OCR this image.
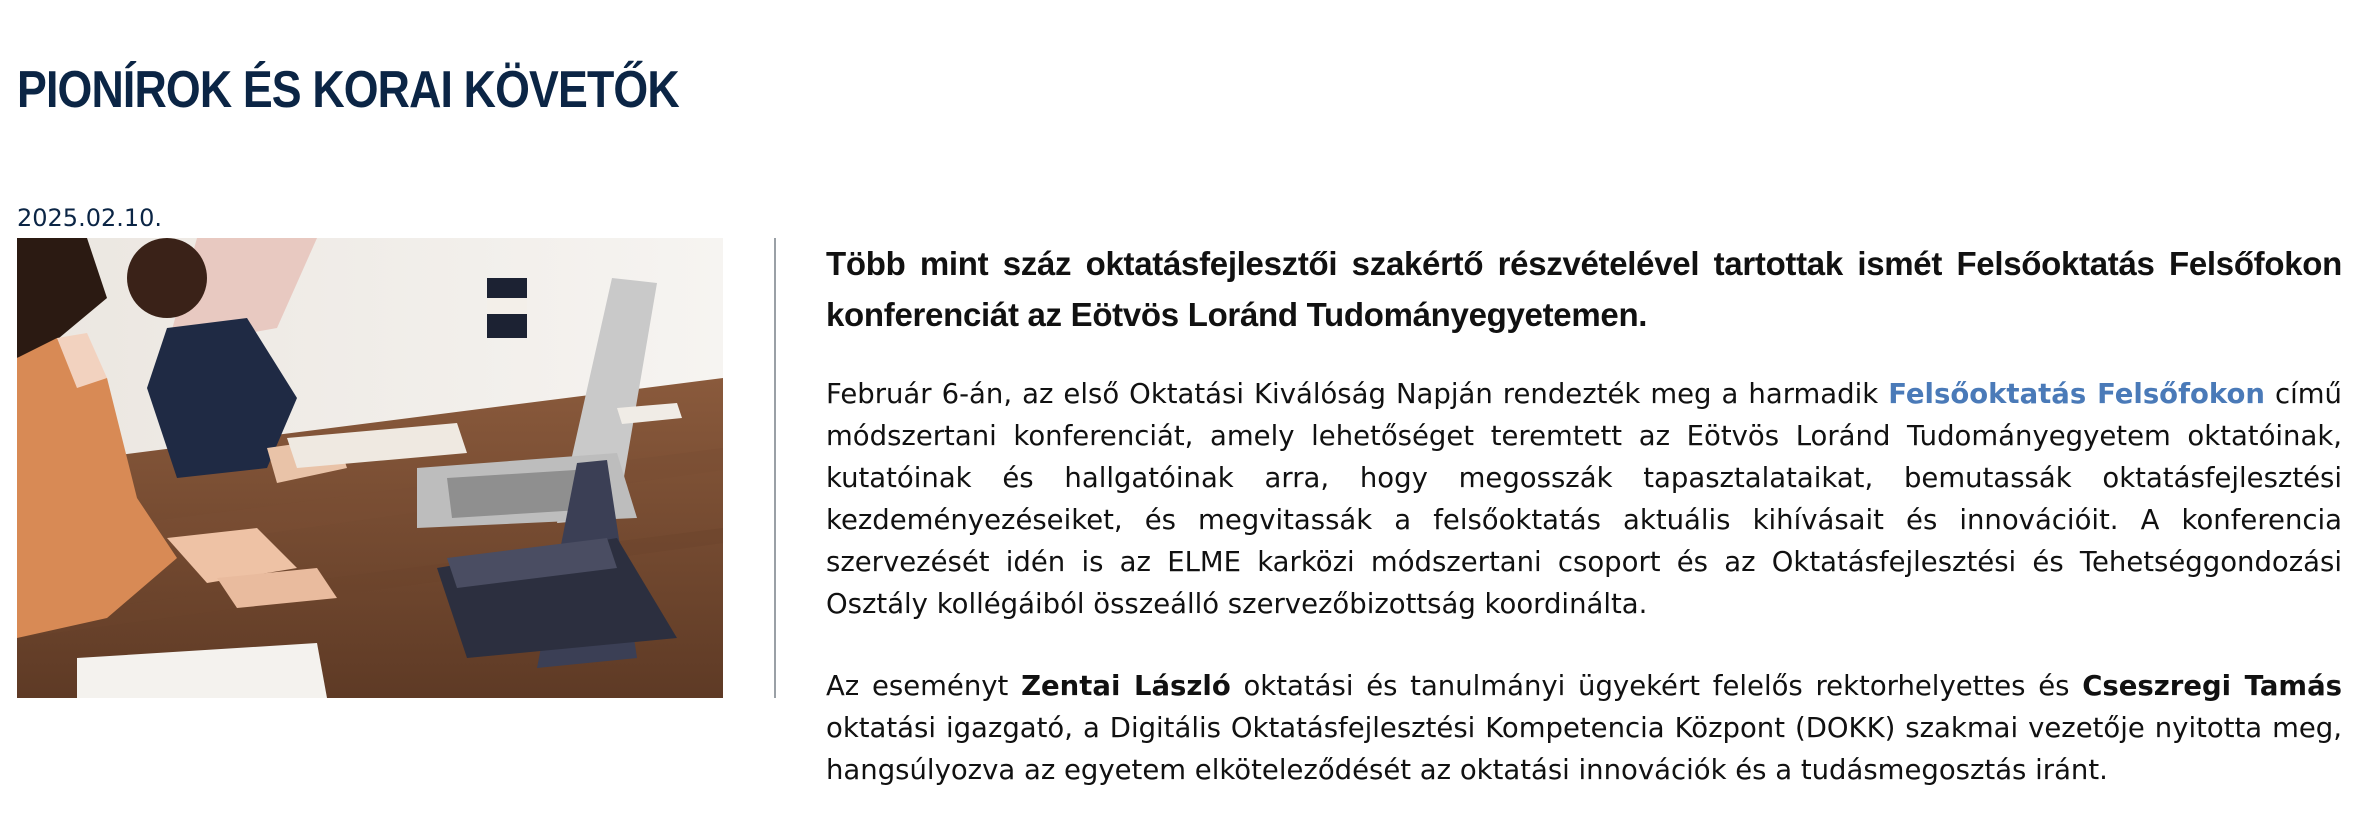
PIONÍROK ÉS KORAI KÖVETŐK
2025.02.10.

Több mint száz oktatásfejlesztői szakértő részvételével tartottak ismét Felsőoktatás Felsőfokon konferenciát az Eötvös Loránd Tudományegyetemen.

Február 6-án, az első Oktatási Kiválóság Napján rendezték meg a harmadik Felsőoktatás Felsőfokon című módszertani konferenciát, amely lehetőséget teremtett az Eötvös Loránd Tudományegyetem oktatóinak, kutatóinak és hallgatóinak arra, hogy megosszák tapasztalataikat, bemutassák oktatásfejlesztési kezdeményezéseiket, és megvitassák a felsőoktatás aktuális kihívásait és innovációit. A konferencia szervezését idén is az ELME karközi módszertani csoport és az Oktatásfejlesztési és Tehetséggondozási Osztály kollégáiból összeálló szervezőbizottság koordinálta.

Az eseményt Zentai László oktatási és tanulmányi ügyekért felelős rektorhelyettes és Cseszregi Tamás oktatási igazgató, a Digitális Oktatásfejlesztési Kompetencia Központ (DOKK) szakmai vezetője nyitotta meg, hangsúlyozva az egyetem elköteleződését az oktatási innovációk és a tudásmegosztás iránt.
